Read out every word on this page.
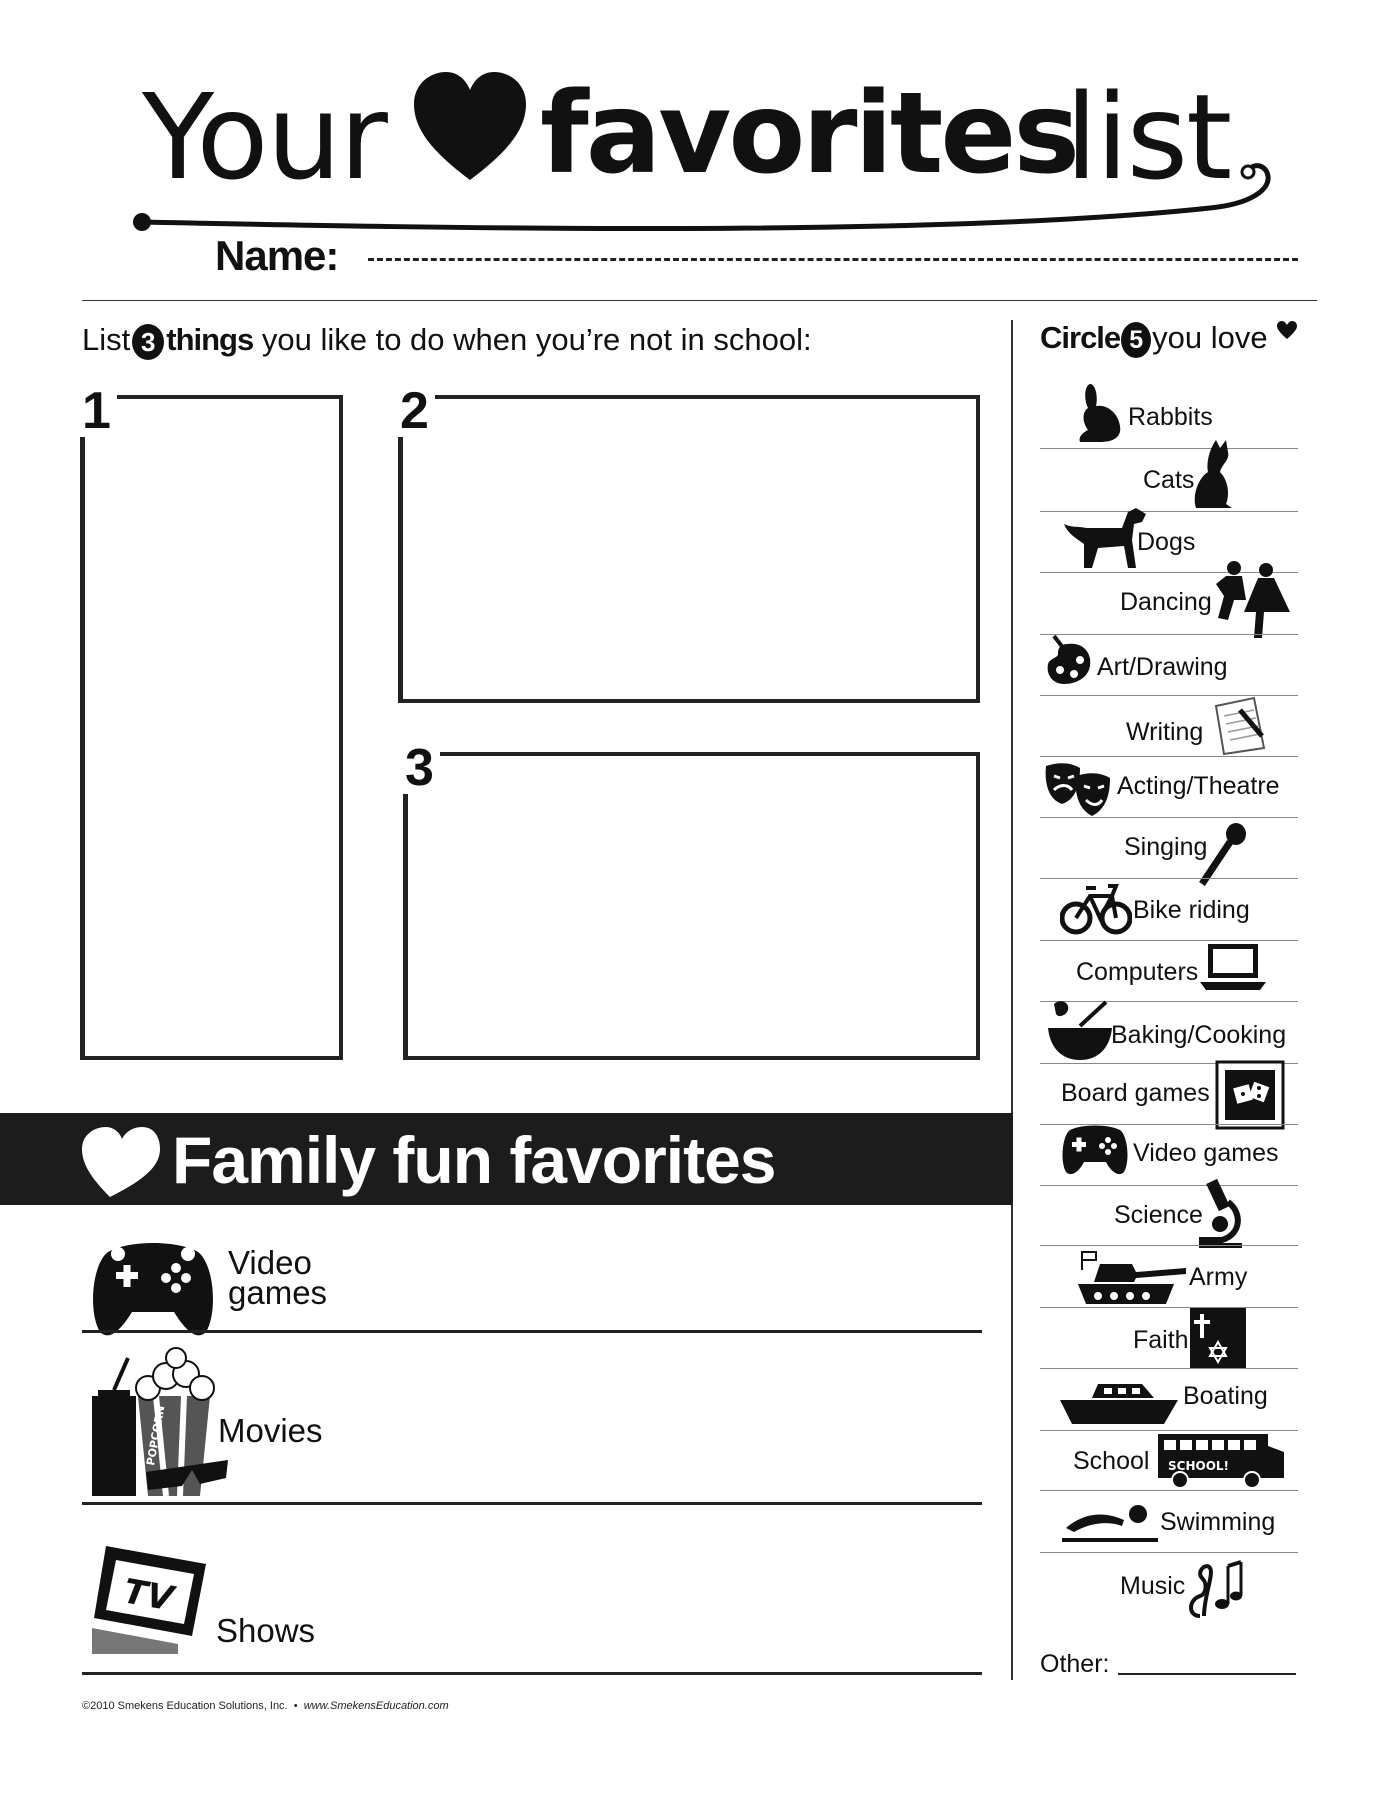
Your favorites
list
Name:
List 3 things you like to do when you’re not in school:
1	2
3
Family fun favorites
Video
games
POPCORN Movies
TV
Shows
Circle 5 you love
Rabbits
Cats
Dogs
Dancing
Art/Drawing
Writing
Acting/Theatre
Singing
Bike riding
Computers
Baking/Cooking
Board games
Video games
Science
Army
Faith
Boating
School SCHOOL!
Swimming
Music
Other:
©2010 Smekens Education Solutions, Inc. • www.SmekensEducation.com
